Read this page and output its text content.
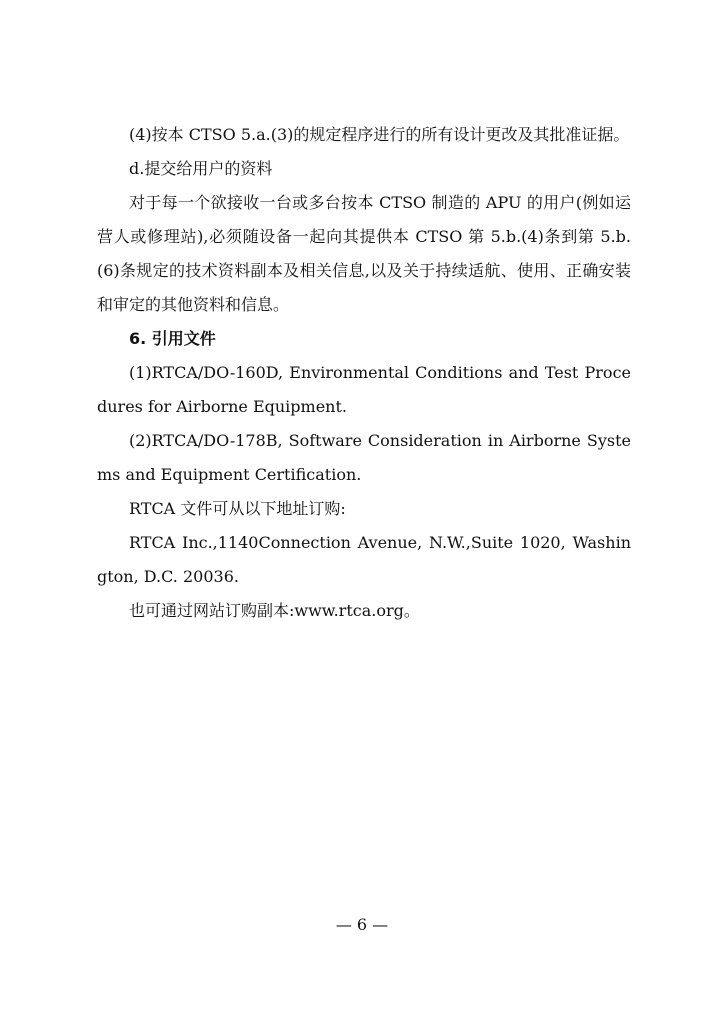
(4)按本 CTSO 5.a.(3)的规定程序进行的所有设计更改及其批准证据。

d.提交给用户的资料

对于每一个欲接收一台或多台按本 CTSO 制造的 APU 的用户(例如运营人或修理站),必须随设备一起向其提供本 CTSO 第 5.b.(4)条到第 5.b.(6)条规定的技术资料副本及相关信息,以及关于持续适航、使用、正确安装和审定的其他资料和信息。

6. 引用文件

(1)RTCA/DO-160D, Environmental Conditions and Test Procedures for Airborne Equipment.

(2)RTCA/DO-178B, Software Consideration in Airborne Systems and Equipment Certification.

RTCA 文件可从以下地址订购:

RTCA Inc.,1140Connection Avenue, N.W.,Suite 1020, Washington, D.C. 20036.

也可通过网站订购副本:www.rtca.org。

— 6 —
